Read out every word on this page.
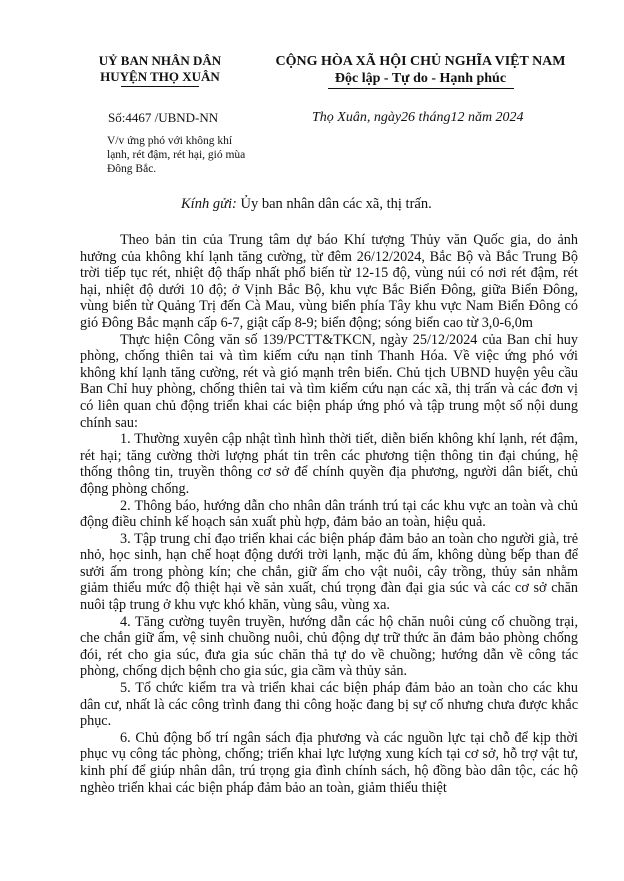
UỶ BAN NHÂN DÂN
HUYỆN THỌ XUÂN
CỘNG HÒA XÃ HỘI CHỦ NGHĨA VIỆT NAM
Độc lập - Tự do - Hạnh phúc
Số:4467 /UBND-NN	Thọ Xuân, ngày26 tháng12 năm 2024
V/v ứng phó với không khí lạnh, rét đậm, rét hại, gió mùa Đông Bắc.
Kính gửi: Ủy ban nhân dân các xã, thị trấn.

Theo bản tin của Trung tâm dự báo Khí tượng Thủy văn Quốc gia, do ảnh hưởng của không khí lạnh tăng cường, từ đêm 26/12/2024, Bắc Bộ và Bắc Trung Bộ trời tiếp tục rét, nhiệt độ thấp nhất phổ biến từ 12-15 độ, vùng núi có nơi rét đậm, rét hại, nhiệt độ dưới 10 độ; ở Vịnh Bắc Bộ, khu vực Bắc Biển Đông, giữa Biển Đông, vùng biển từ Quảng Trị đến Cà Mau, vùng biển phía Tây khu vực Nam Biển Đông có gió Đông Bắc mạnh cấp 6-7, giật cấp 8-9; biển động; sóng biển cao từ 3,0-6,0m

Thực hiện Công văn số 139/PCTT&TKCN, ngày 25/12/2024 của Ban chỉ huy phòng, chống thiên tai và tìm kiếm cứu nạn tỉnh Thanh Hóa. Về việc ứng phó với không khí lạnh tăng cường, rét và gió mạnh trên biển. Chủ tịch UBND huyện yêu cầu Ban Chỉ huy phòng, chống thiên tai và tìm kiếm cứu nạn các xã, thị trấn và các đơn vị có liên quan chủ động triển khai các biện pháp ứng phó và tập trung một số nội dung chính sau:

1. Thường xuyên cập nhật tình hình thời tiết, diễn biến không khí lạnh, rét đậm, rét hại; tăng cường thời lượng phát tin trên các phương tiện thông tin đại chúng, hệ thống thông tin, truyền thông cơ sở để chính quyền địa phương, người dân biết, chủ động phòng chống.

2. Thông báo, hướng dẫn cho nhân dân tránh trú tại các khu vực an toàn và chủ động điều chỉnh kế hoạch sản xuất phù hợp, đảm bảo an toàn, hiệu quả.

3. Tập trung chỉ đạo triển khai các biện pháp đảm bảo an toàn cho người già, trẻ nhỏ, học sinh, hạn chế hoạt động dưới trời lạnh, mặc đủ ấm, không dùng bếp than để sưởi ấm trong phòng kín; che chắn, giữ ấm cho vật nuôi, cây trồng, thủy sản nhằm giảm thiểu mức độ thiệt hại về sản xuất, chú trọng đàn đại gia súc và các cơ sở chăn nuôi tập trung ở khu vực khó khăn, vùng sâu, vùng xa.

4. Tăng cường tuyên truyền, hướng dẫn các hộ chăn nuôi củng cố chuồng trại, che chắn giữ ấm, vệ sinh chuồng nuôi, chủ động dự trữ thức ăn đảm bảo phòng chống đói, rét cho gia súc, đưa gia súc chăn thả tự do về chuồng; hướng dẫn về công tác phòng, chống dịch bệnh cho gia súc, gia cầm và thủy sản.

5. Tổ chức kiểm tra và triển khai các biện pháp đảm bảo an toàn cho các khu dân cư, nhất là các công trình đang thi công hoặc đang bị sự cố nhưng chưa được khắc phục.

6. Chủ động bố trí ngân sách địa phương và các nguồn lực tại chỗ để kịp thời phục vụ công tác phòng, chống; triển khai lực lượng xung kích tại cơ sở, hỗ trợ vật tư, kinh phí để giúp nhân dân, trú trọng gia đình chính sách, hộ đồng bào dân tộc, các hộ nghèo triển khai các biện pháp đảm bảo an toàn, giảm thiểu thiệt
